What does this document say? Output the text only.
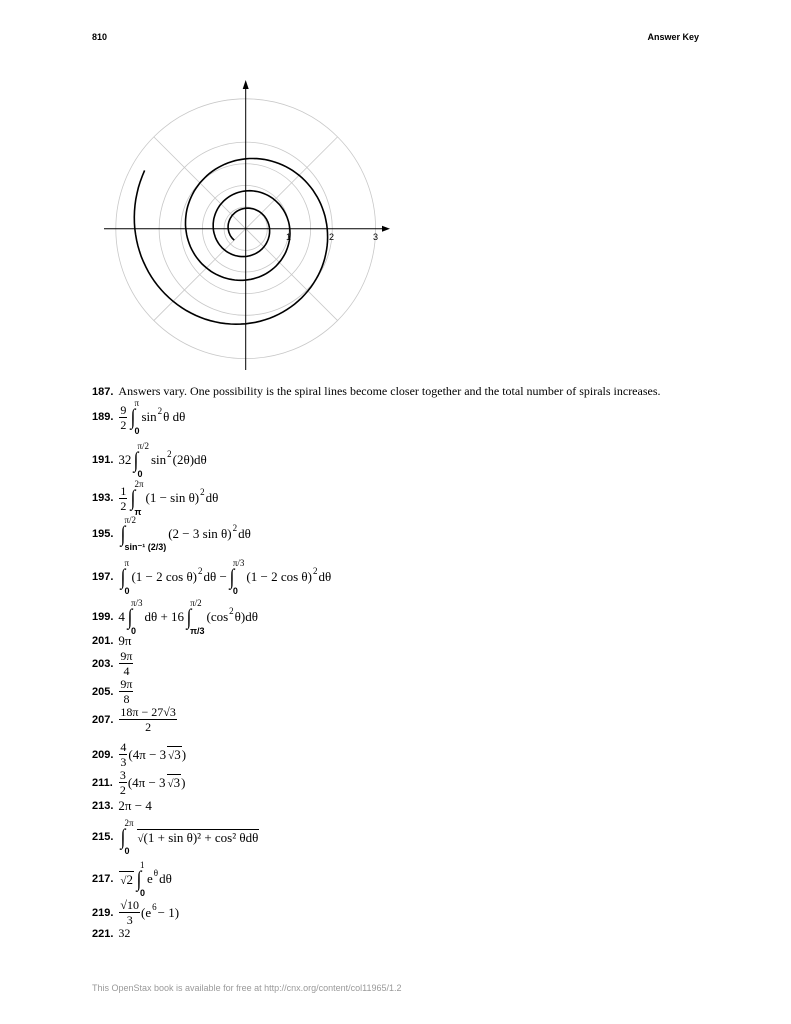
810	Answer Key
1	2	3
187. Answers vary. One possibility is the spiral lines become closer together and the total number of spirals increases.
189. $\frac{9}{2}$ ∫
π
0
sin 2 θ dθ
191. 32 ∫
π/2
0
sin 2 (2θ)dθ
193. $\frac{1}{2}$ ∫
2π
π
(1 − sin θ) 2 dθ
195. ∫
π/2
sin⁻¹ (2/3)
(2 − 3 sin θ) 2 dθ
197. ∫
π
0
(1 − 2 cos θ) 2 dθ − ∫
π/3
0
(1 − 2 cos θ) 2 dθ
199. 4 ∫
π/3
0
dθ + 16 ∫
π/2
π/3
(cos 2 θ)dθ
201. 9π
203. $\frac{9\pi}{4}$
205. $\frac{9\pi}{8}$
207. $\frac{18\pi - 27√3}{2}$
209. $\frac{4}{3} (4\pi - 3$ √ 3 )
211. $\frac{3}{2} (4\pi - 3$ √ 3 )
213. 2π − 4
215. ∫
2π
0
√ (1 + sin θ)² + cos² θdθ
217.	√ 2 ∫
1
0
e θ dθ
219. $\frac{√10}{3} (e$ 6 − 1)
221. 32
This OpenStax book is available for free at http://cnx.org/content/col11965/1.2
